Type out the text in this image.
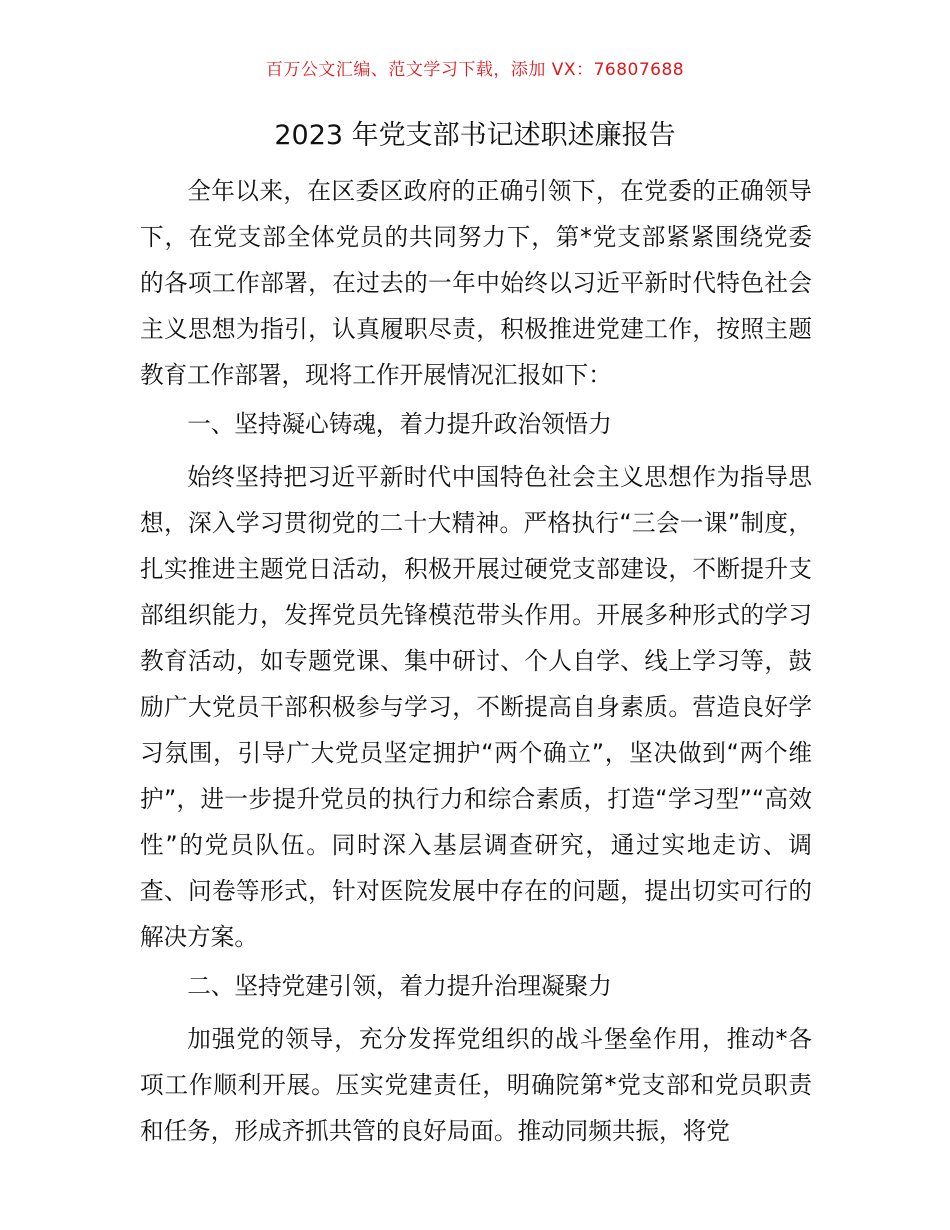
百万公文汇编、范文学习下载，添加 VX：76807688
2023 年党支部书记述职述廉报告

全年以来，在区委区政府的正确引领下，在党委的正确领导下，在党支部全体党员的共同努力下，第*党支部紧紧围绕党委的各项工作部署，在过去的一年中始终以习近平新时代特色社会主义思想为指引，认真履职尽责，积极推进党建工作，按照主题教育工作部署，现将工作开展情况汇报如下：

一、坚持凝心铸魂，着力提升政治领悟力

始终坚持把习近平新时代中国特色社会主义思想作为指导思想，深入学习贯彻党的二十大精神。严格执行“三会一课”制度，扎实推进主题党日活动，积极开展过硬党支部建设，不断提升支部组织能力，发挥党员先锋模范带头作用。开展多种形式的学习教育活动，如专题党课、集中研讨、个人自学、线上学习等，鼓励广大党员干部积极参与学习，不断提高自身素质。营造良好学习氛围，引导广大党员坚定拥护“两个确立”，坚决做到“两个维护”，进一步提升党员的执行力和综合素质，打造“学习型”“高效性”的党员队伍。同时深入基层调查研究，通过实地走访、调查、问卷等形式，针对医院发展中存在的问题，提出切实可行的解决方案。

二、坚持党建引领，着力提升治理凝聚力

加强党的领导，充分发挥党组织的战斗堡垒作用，推动*各项工作顺利开展。压实党建责任，明确院第*党支部和党员职责和任务，形成齐抓共管的良好局面。推动同频共振，将党
